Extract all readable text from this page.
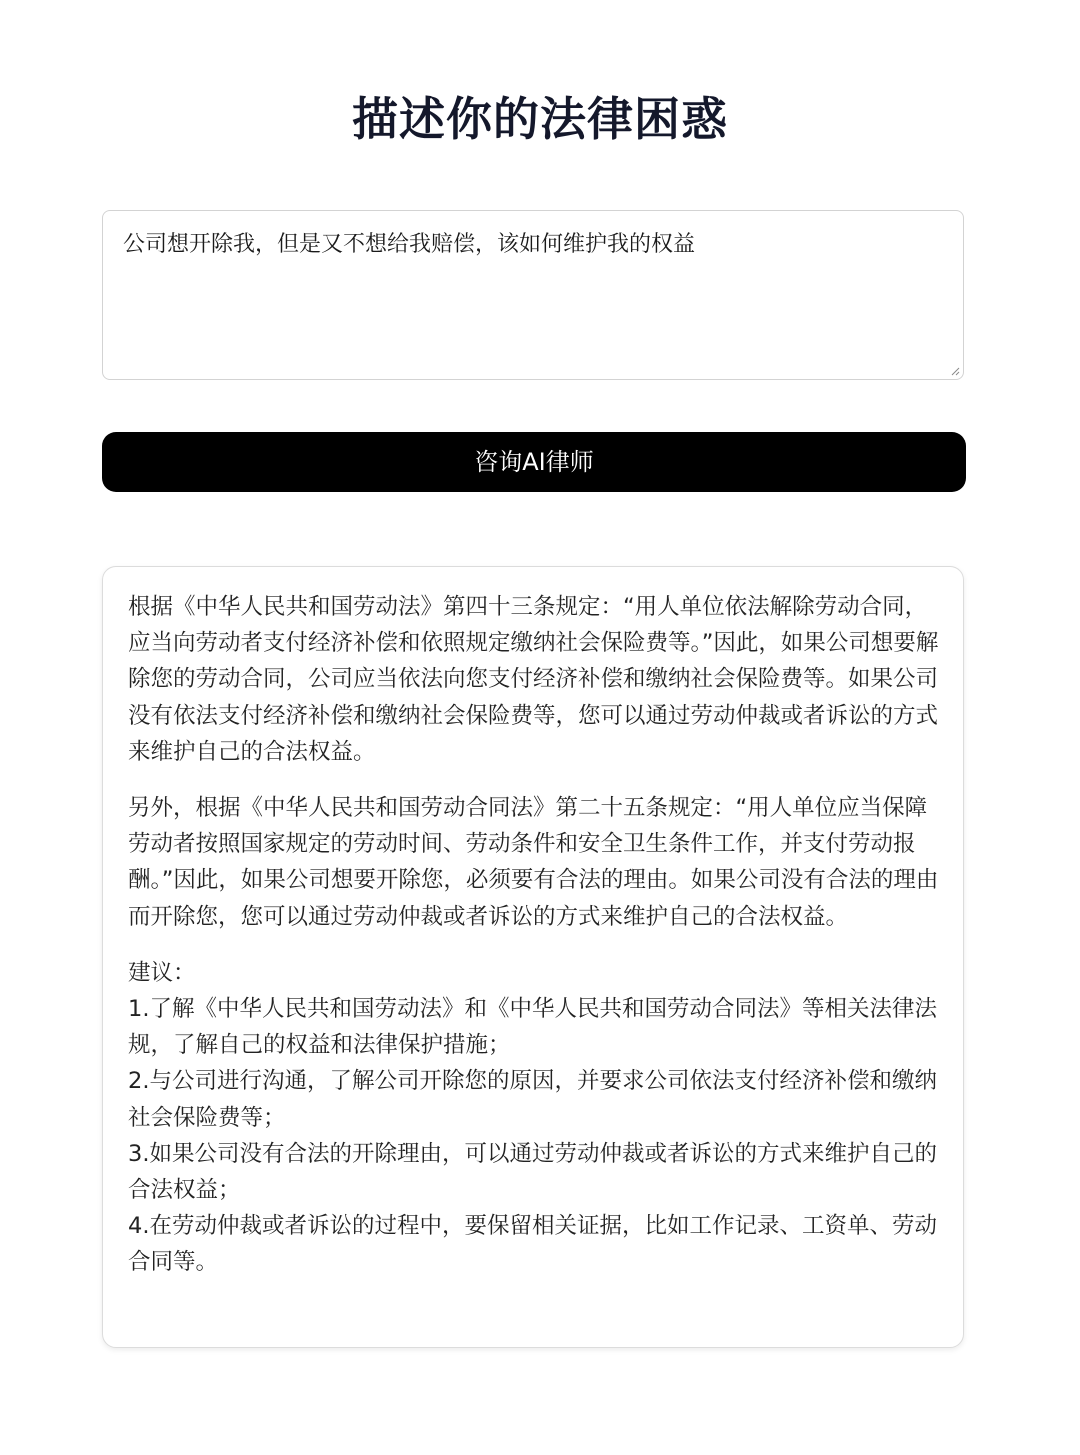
描述你的法律困惑
公司想开除我，但是又不想给我赔偿，该如何维护我的权益
咨询AI律师

根据《中华人民共和国劳动法》第四十三条规定：“用人单位依法解除劳动合同，应当向劳动者支付经济补偿和依照规定缴纳社会保险费等。”因此，如果公司想要解除您的劳动合同，公司应当依法向您支付经济补偿和缴纳社会保险费等。如果公司没有依法支付经济补偿和缴纳社会保险费等，您可以通过劳动仲裁或者诉讼的方式来维护自己的合法权益。

另外，根据《中华人民共和国劳动合同法》第二十五条规定：“用人单位应当保障劳动者按照国家规定的劳动时间、劳动条件和安全卫生条件工作，并支付劳动报酬。”因此，如果公司想要开除您，必须要有合法的理由。如果公司没有合法的理由而开除您，您可以通过劳动仲裁或者诉讼的方式来维护自己的合法权益。

建议：
1.了解《中华人民共和国劳动法》和《中华人民共和国劳动合同法》等相关法律法规，了解自己的权益和法律保护措施；
2.与公司进行沟通，了解公司开除您的原因，并要求公司依法支付经济补偿和缴纳社会保险费等；
3.如果公司没有合法的开除理由，可以通过劳动仲裁或者诉讼的方式来维护自己的合法权益；
4.在劳动仲裁或者诉讼的过程中，要保留相关证据，比如工作记录、工资单、劳动合同等。
